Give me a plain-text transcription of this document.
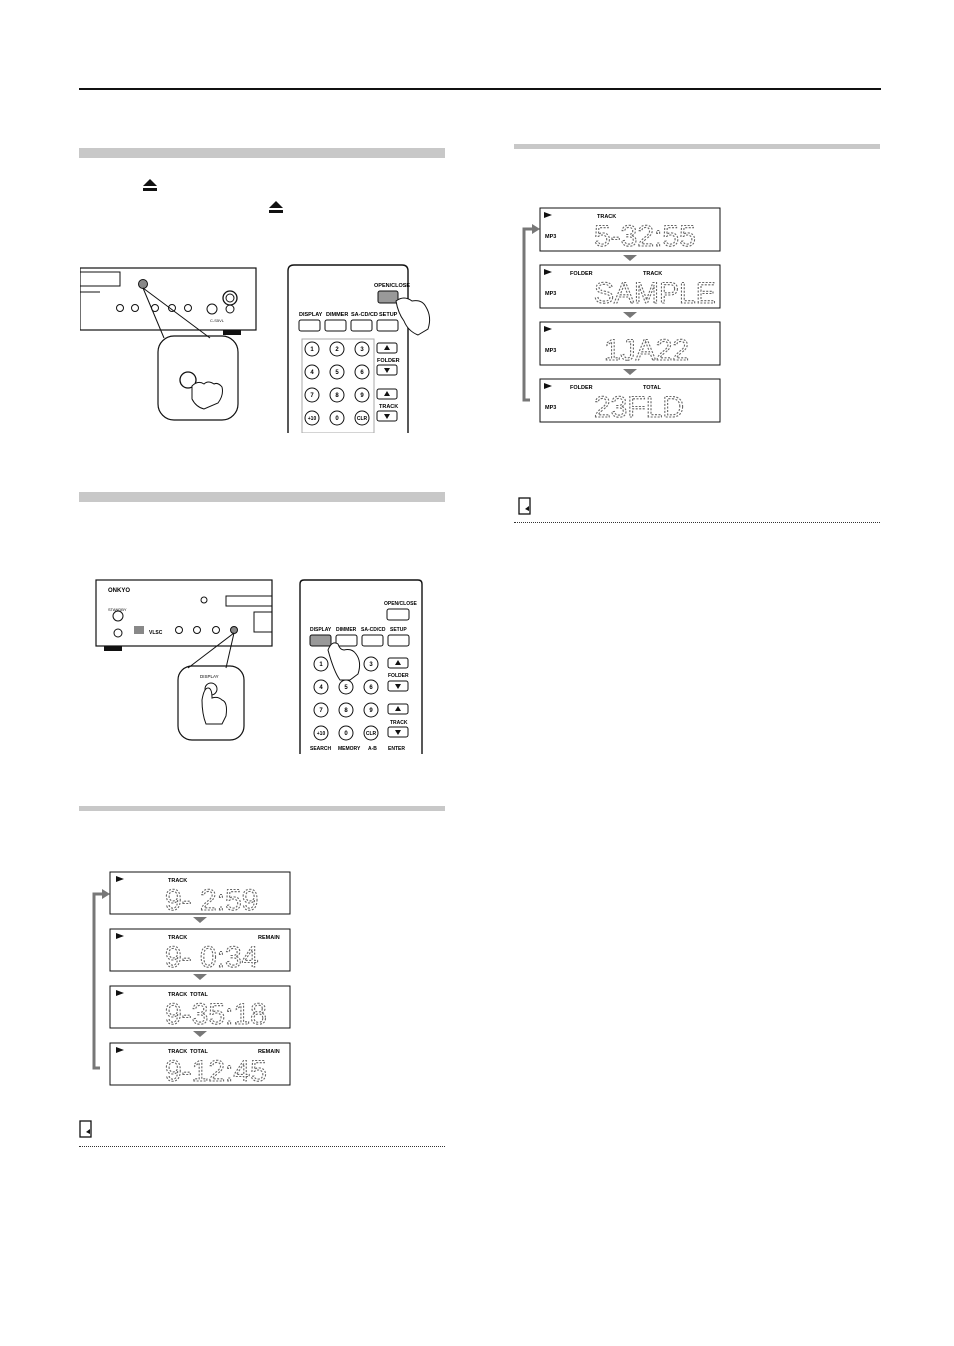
C-S5VL
OPEN/CLOSE
DISPLAY DIMMER SA-CD/CD SETUP
1	2	3
4	5	6
7	8	9
+10	0	CLR
FOLDER
TRACK
ONKYO
STANDBY
VLSC
DISPLAY
OPEN/CLOSE
DISPLAY DIMMER SA-CD/CD SETUP
1	3
4	5	6
7	8	9
+10	0	CLR
FOLDER
TRACK
SEARCH MEMORY A-B ENTER
TRACK
9- 2:59
TRACK	REMAIN
9- 0:34
TRACK TOTAL
9-35:18
TRACK TOTAL	REMAIN
9-12:45
MP3
TRACK
5-32:55
MP3
FOLDER	TRACK
SAMPLE
MP3 1JA22
MP3
FOLDER	TOTAL
23FLD
